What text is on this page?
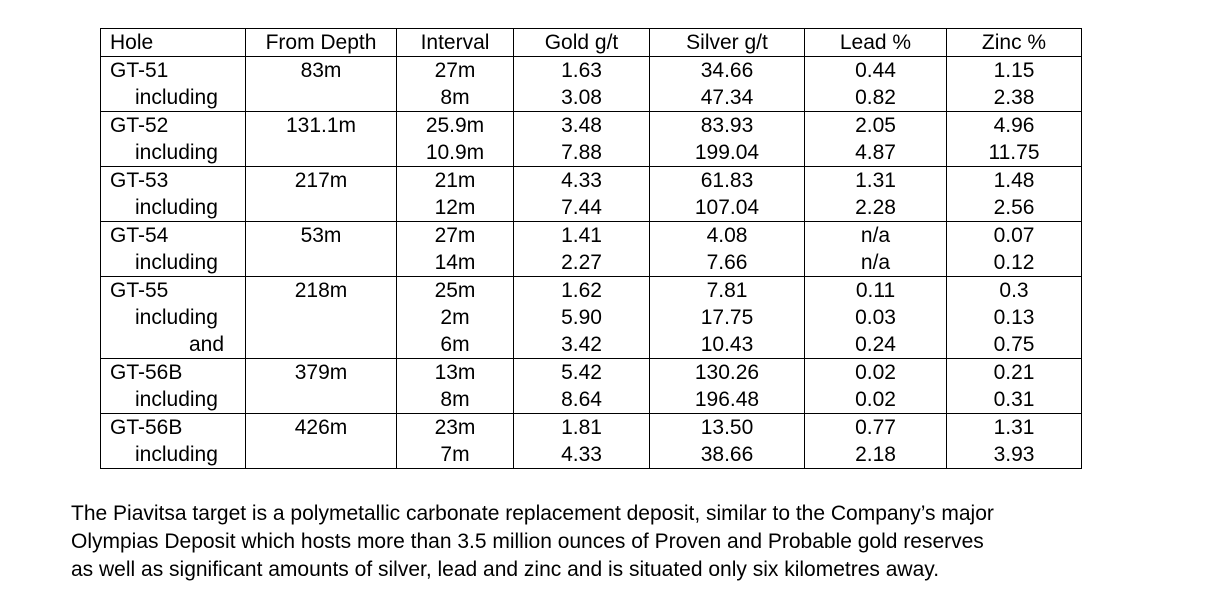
Hole	From Depth	Interval	Gold g/t	Silver g/t	Lead %	Zinc %
GT-51	83m	27m	1.63	34.66	0.44	1.15
including		8m	3.08	47.34	0.82	2.38
GT-52	131.1m	25.9m	3.48	83.93	2.05	4.96
including		10.9m	7.88	199.04	4.87	11.75
GT-53	217m	21m	4.33	61.83	1.31	1.48
including		12m	7.44	107.04	2.28	2.56
GT-54	53m	27m	1.41	4.08	n/a	0.07
including		14m	2.27	7.66	n/a	0.12
GT-55	218m	25m	1.62	7.81	0.11	0.3
including		2m	5.90	17.75	0.03	0.13
and		6m	3.42	10.43	0.24	0.75
GT-56B	379m	13m	5.42	130.26	0.02	0.21
including		8m	8.64	196.48	0.02	0.31
GT-56B	426m	23m	1.81	13.50	0.77	1.31
including		7m	4.33	38.66	2.18	3.93

The Piavitsa target is a polymetallic carbonate replacement deposit, similar to the Company’s major
Olympias Deposit which hosts more than 3.5 million ounces of Proven and Probable gold reserves
as well as significant amounts of silver, lead and zinc and is situated only six kilometres away.
